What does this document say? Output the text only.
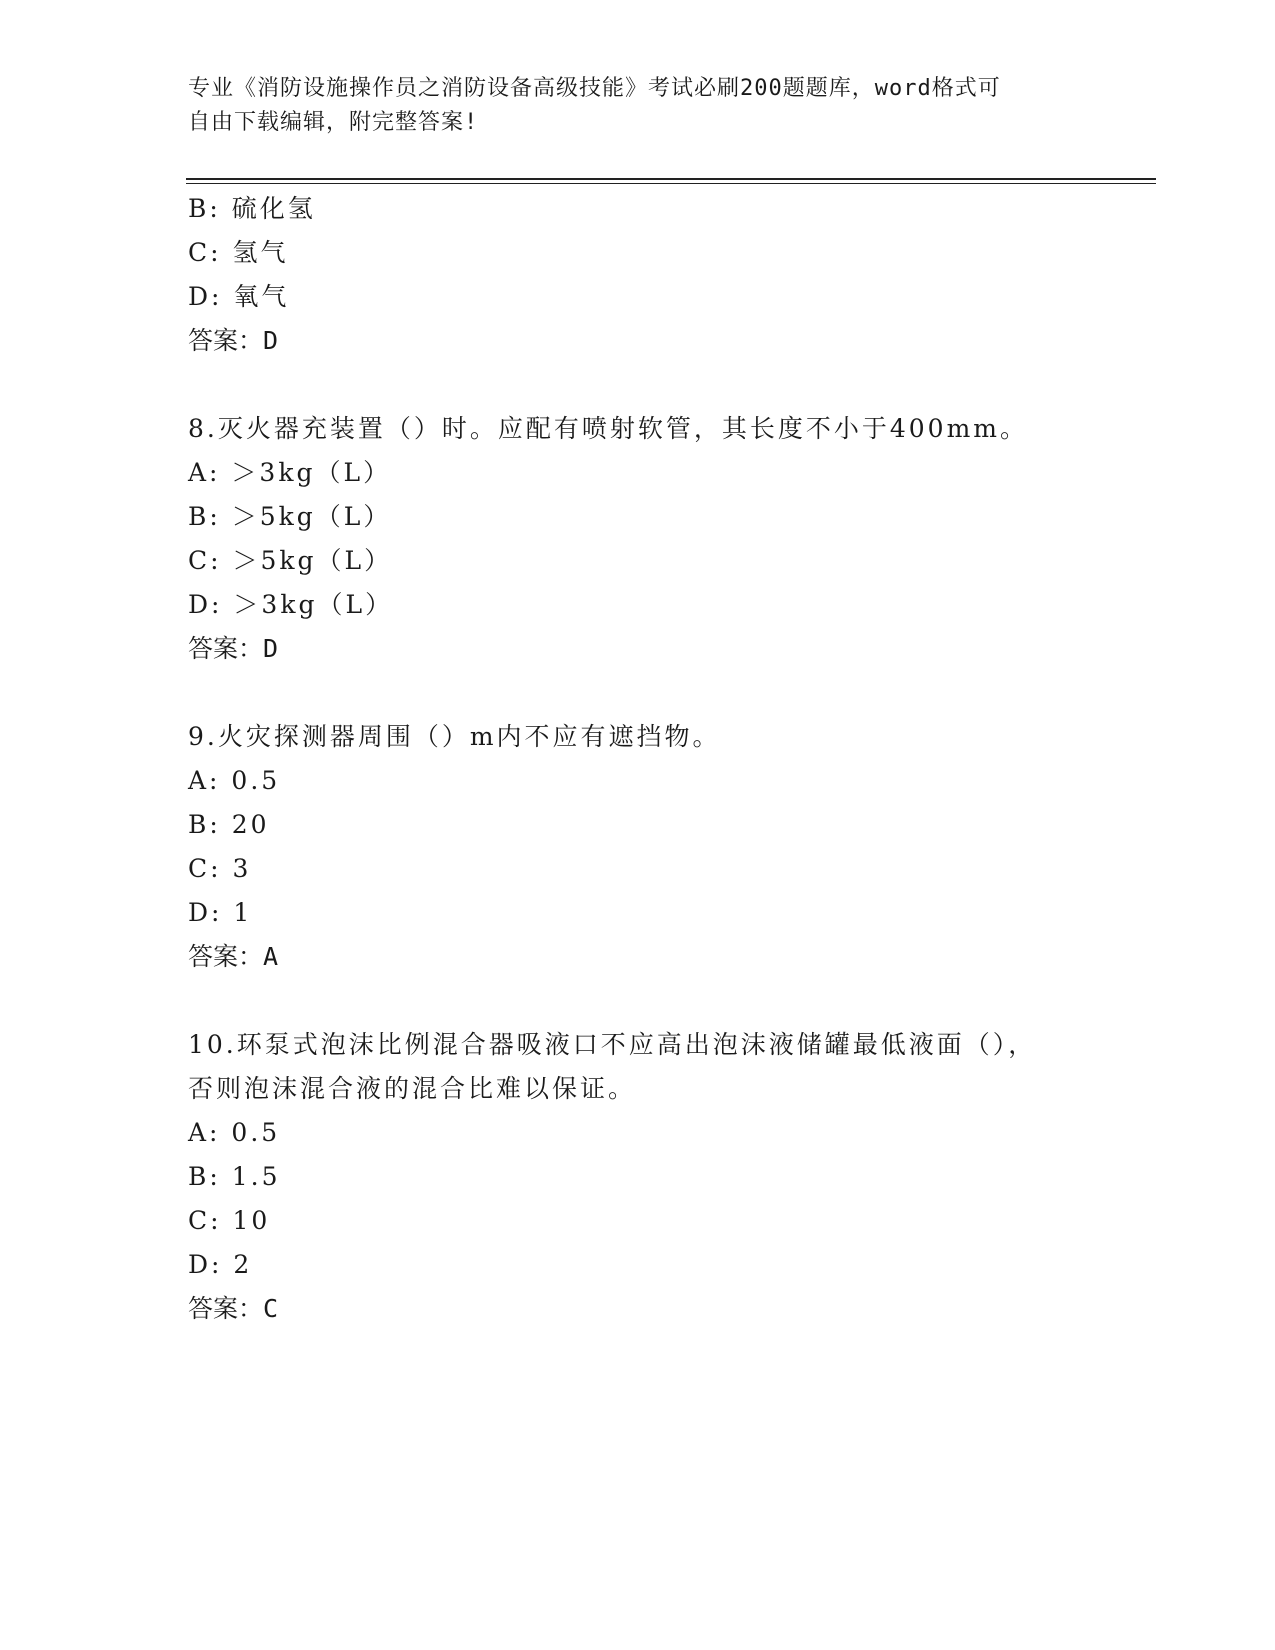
专业《消防设施操作员之消防设备高级技能》考试必刷200题题库，word格式可
自由下载编辑，附完整答案!
B: 硫化氢
C: 氢气
D: 氧气
答案：D
8.灭火器充装置（）时。应配有喷射软管，其长度不小于400mm。
A: ＞3kg（L）
B: ＞5kg（L）
C: ＞5kg（L）
D: ＞3kg（L）
答案：D
9.火灾探测器周围（）m内不应有遮挡物。
A: 0.5
B: 20
C: 3
D: 1
答案：A
10.环泵式泡沫比例混合器吸液口不应高出泡沫液储罐最低液面（），
否则泡沫混合液的混合比难以保证。
A: 0.5
B: 1.5
C: 10
D: 2
答案：C
